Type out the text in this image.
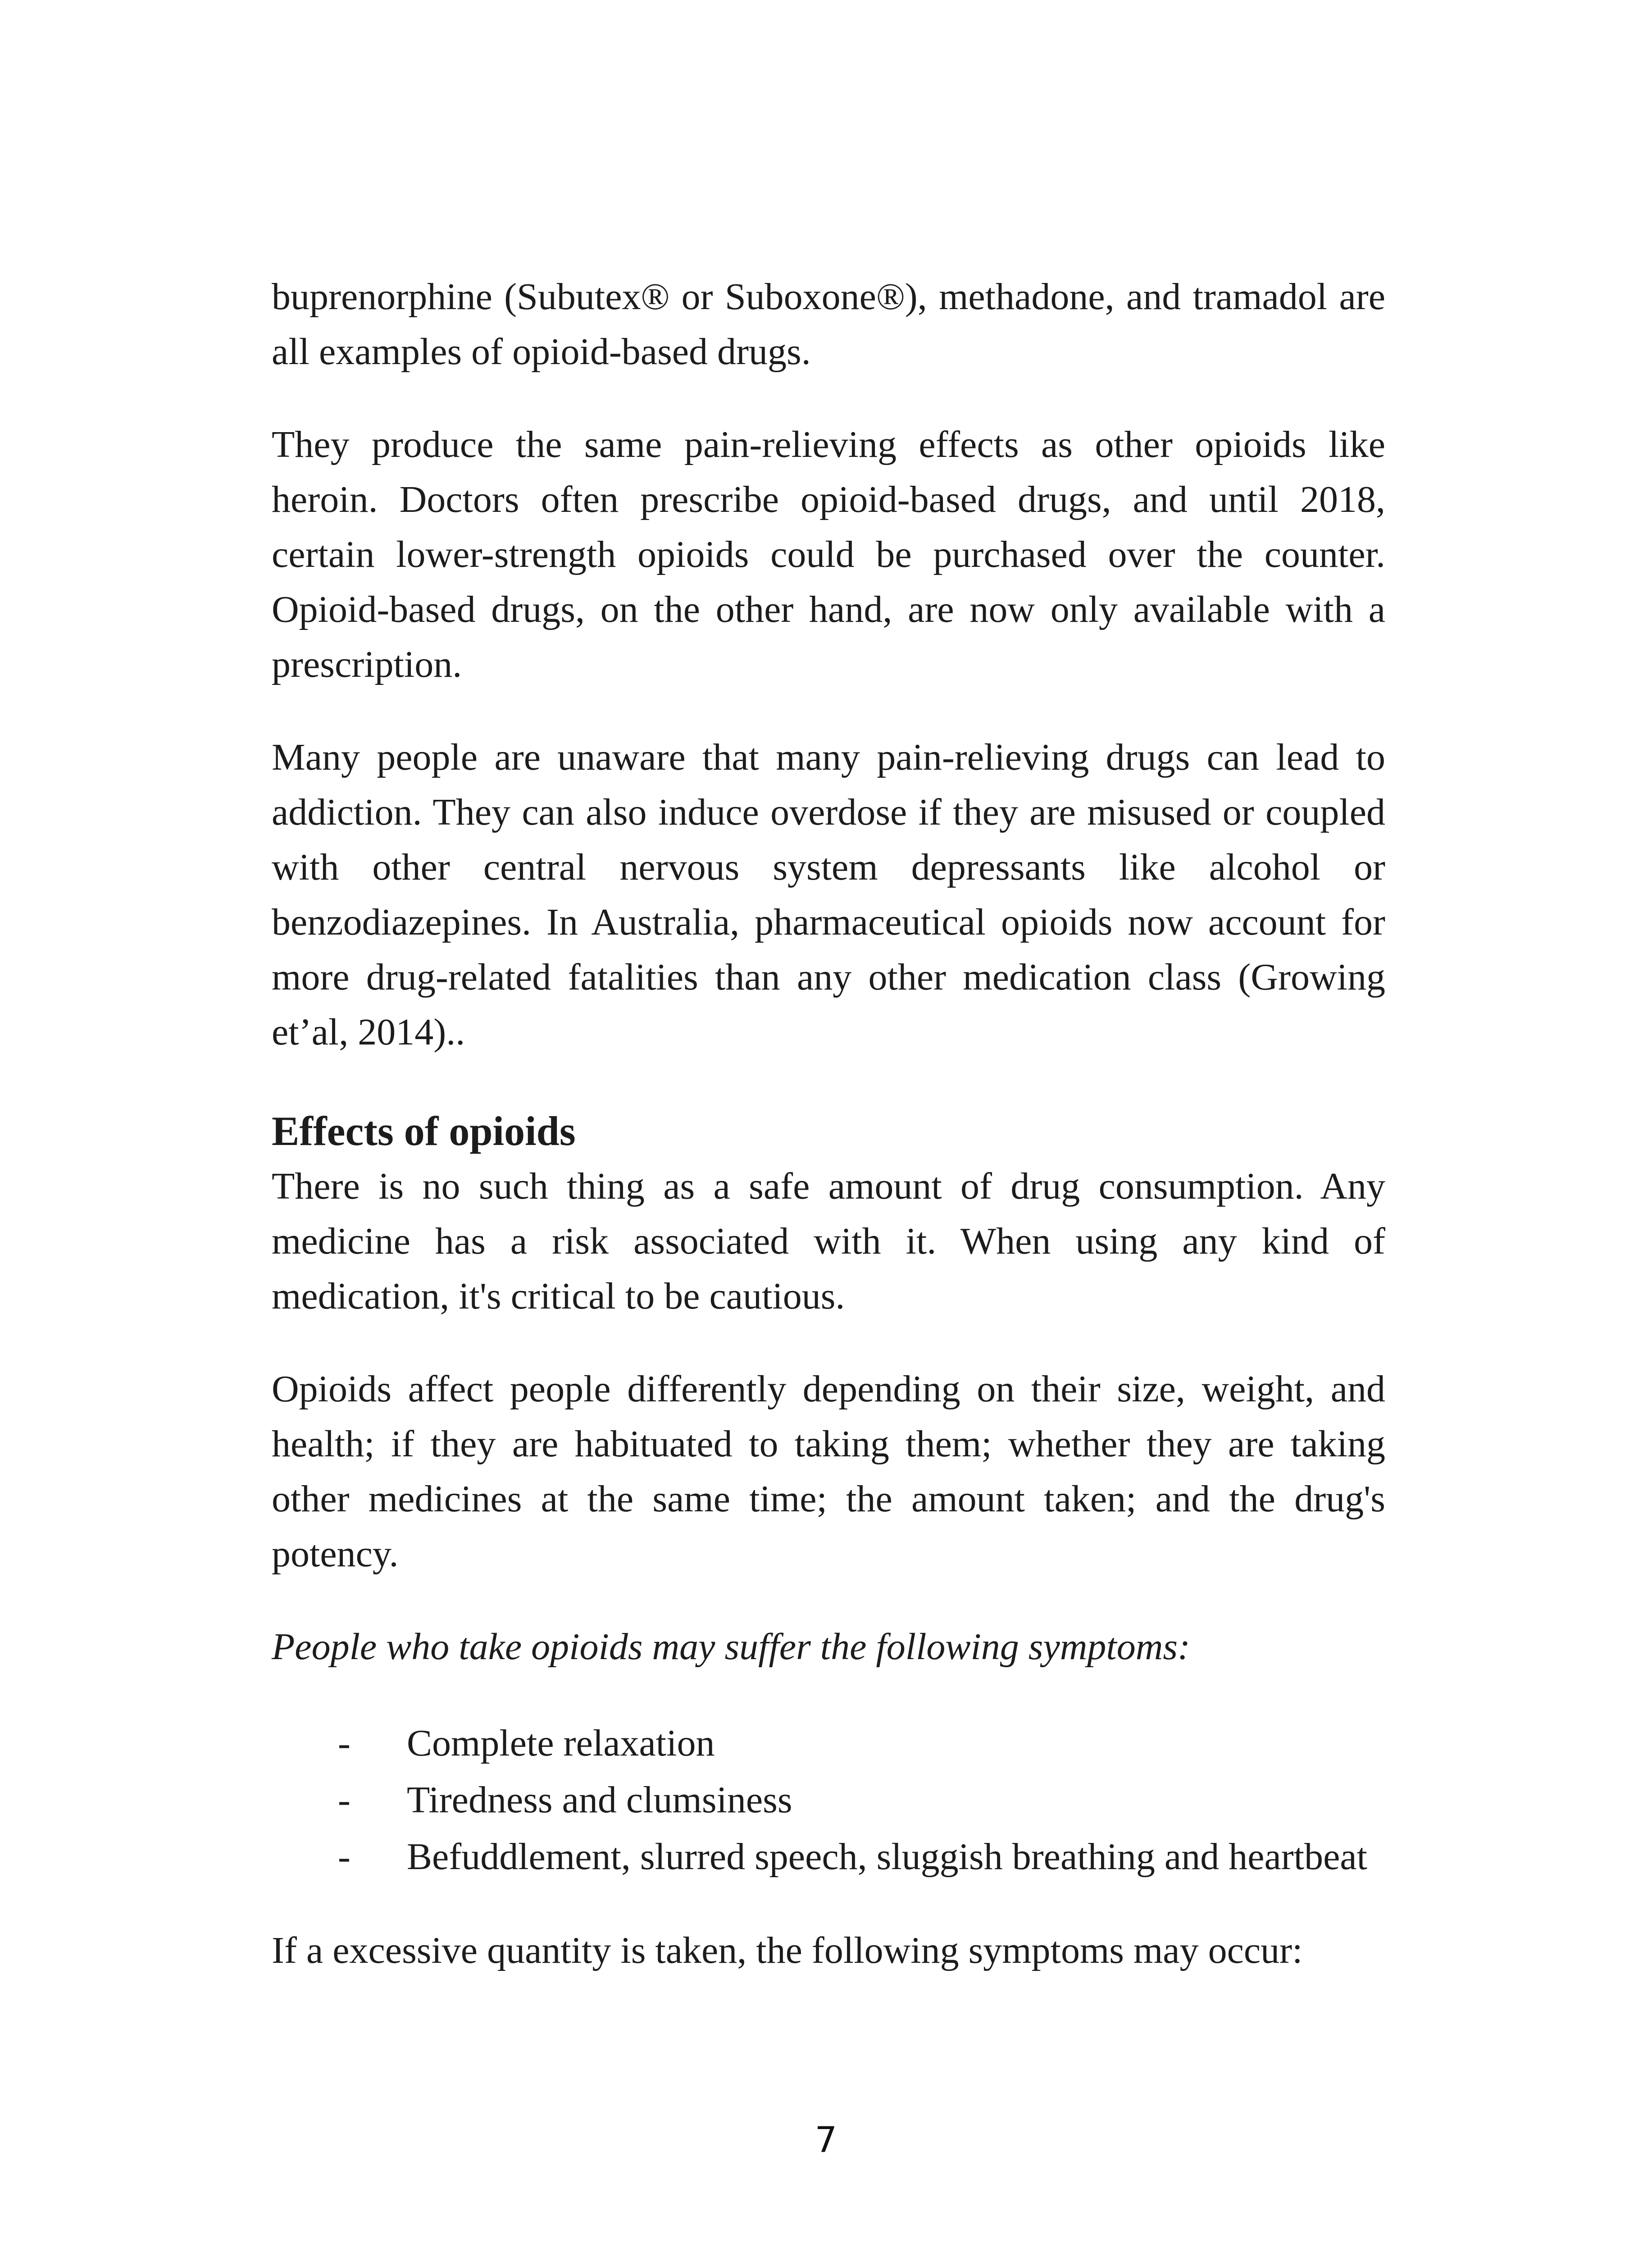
buprenorphine (Subutex® or Suboxone®), methadone, and tramadol are all examples of opioid-based drugs.

They produce the same pain-relieving effects as other opioids like heroin. Doctors often prescribe opioid-based drugs, and until 2018, certain lower-strength opioids could be purchased over the counter. Opioid-based drugs, on the other hand, are now only available with a prescription.

Many people are unaware that many pain-relieving drugs can lead to addiction. They can also induce overdose if they are misused or coupled with other central nervous system depressants like alcohol or benzodiazepines. In Australia, pharmaceutical opioids now account for more drug-related fatalities than any other medication class (Growing et’al, 2014)..

Effects of opioids

There is no such thing as a safe amount of drug consumption. Any medicine has a risk associated with it. When using any kind of medication, it's critical to be cautious.

Opioids affect people differently depending on their size, weight, and health; if they are habituated to taking them; whether they are taking other medicines at the same time; the amount taken; and the drug's potency.

People who take opioids may suffer the following symptoms:

- Complete relaxation
- Tiredness and clumsiness
- Befuddlement, slurred speech, sluggish breathing and heartbeat

If a excessive quantity is taken, the following symptoms may occur:

7
